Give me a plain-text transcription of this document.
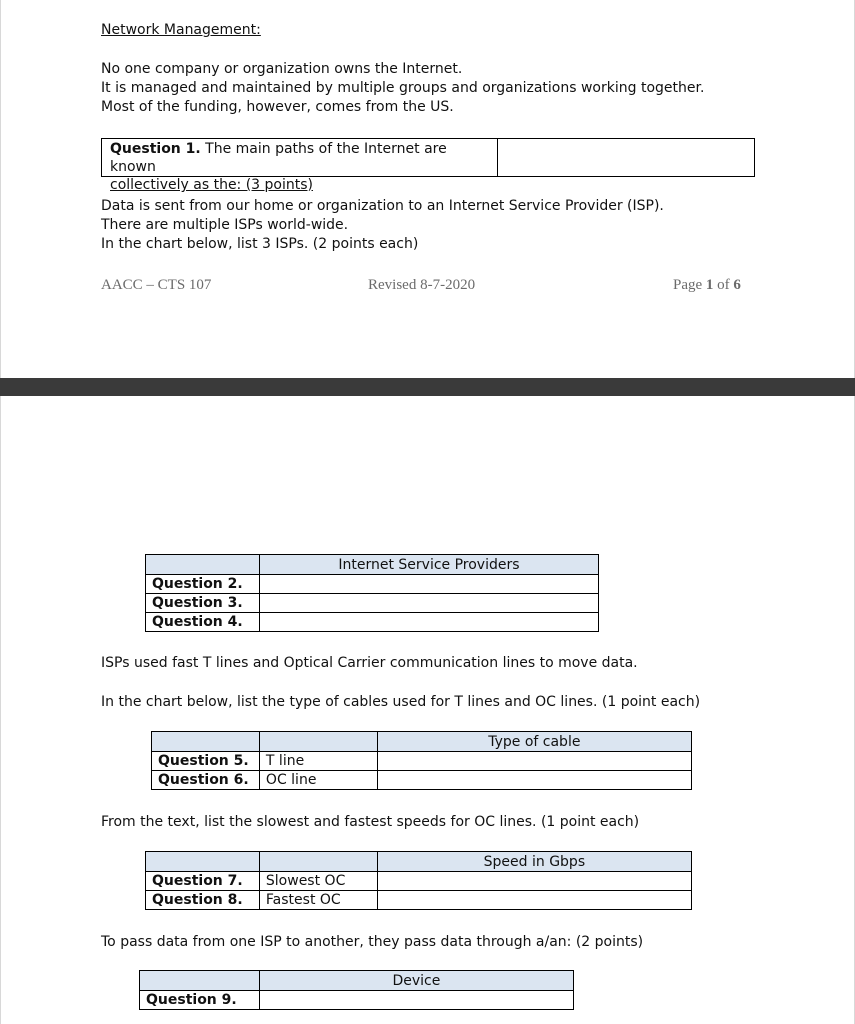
Network Management:
No one company or organization owns the Internet.
It is managed and maintained by multiple groups and organizations working together.
Most of the funding, however, comes from the US.
Question 1. The main paths of the Internet are known
collectively as the: (3 points)
Data is sent from our home or organization to an Internet Service Provider (ISP).
There are multiple ISPs world-wide.
In the chart below, list 3 ISPs. (2 points each)
AACC – CTS 107	Revised 8-7-2020	Page 1 of 6
	Internet Service Providers
Question 2.	
Question 3.	
Question 4.	
ISPs used fast T lines and Optical Carrier communication lines to move data.
In the chart below, list the type of cables used for T lines and OC lines. (1 point each)
		Type of cable
Question 5.	T line	
Question 6.	OC line	
From the text, list the slowest and fastest speeds for OC lines. (1 point each)
		Speed in Gbps
Question 7.	Slowest OC	
Question 8.	Fastest OC	
To pass data from one ISP to another, they pass data through a/an: (2 points)
	Device
Question 9.	
